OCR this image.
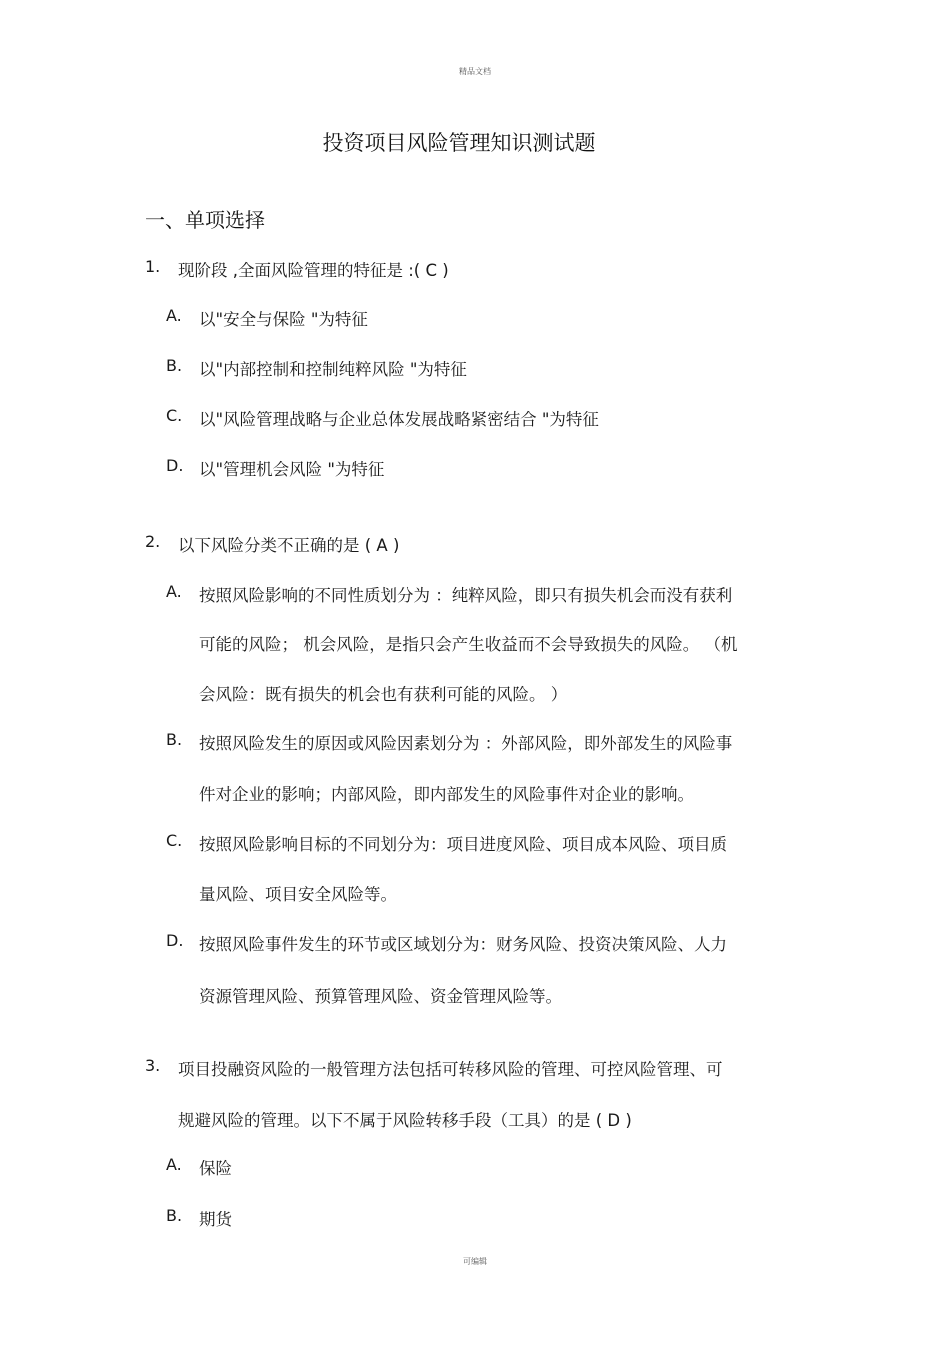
精品文档
投资项目风险管理知识测试题
一、单项选择
1. 现阶段 ,全面风险管理的特征是 :( C )
A. 以"安全与保险 "为特征
B. 以"内部控制和控制纯粹风险 "为特征
C. 以"风险管理战略与企业总体发展战略紧密结合 "为特征
D. 以"管理机会风险 "为特征
2. 以下风险分类不正确的是 ( A )
A. 按照风险影响的不同性质划分为 ：纯粹风险，即只有损失机会而没有获利
可能的风险； 机会风险，是指只会产生收益而不会导致损失的风险。 （机
会风险：既有损失的机会也有获利可能的风险。 ）
B. 按照风险发生的原因或风险因素划分为 ：外部风险，即外部发生的风险事
件对企业的影响；内部风险，即内部发生的风险事件对企业的影响。
C. 按照风险影响目标的不同划分为：项目进度风险、项目成本风险、项目质
量风险、项目安全风险等。
D. 按照风险事件发生的环节或区域划分为：财务风险、投资决策风险、人力
资源管理风险、预算管理风险、资金管理风险等。
3. 项目投融资风险的一般管理方法包括可转移风险的管理、可控风险管理、可
规避风险的管理。以下不属于风险转移手段（工具）的是 ( D )
A. 保险
B. 期货
可编辑
